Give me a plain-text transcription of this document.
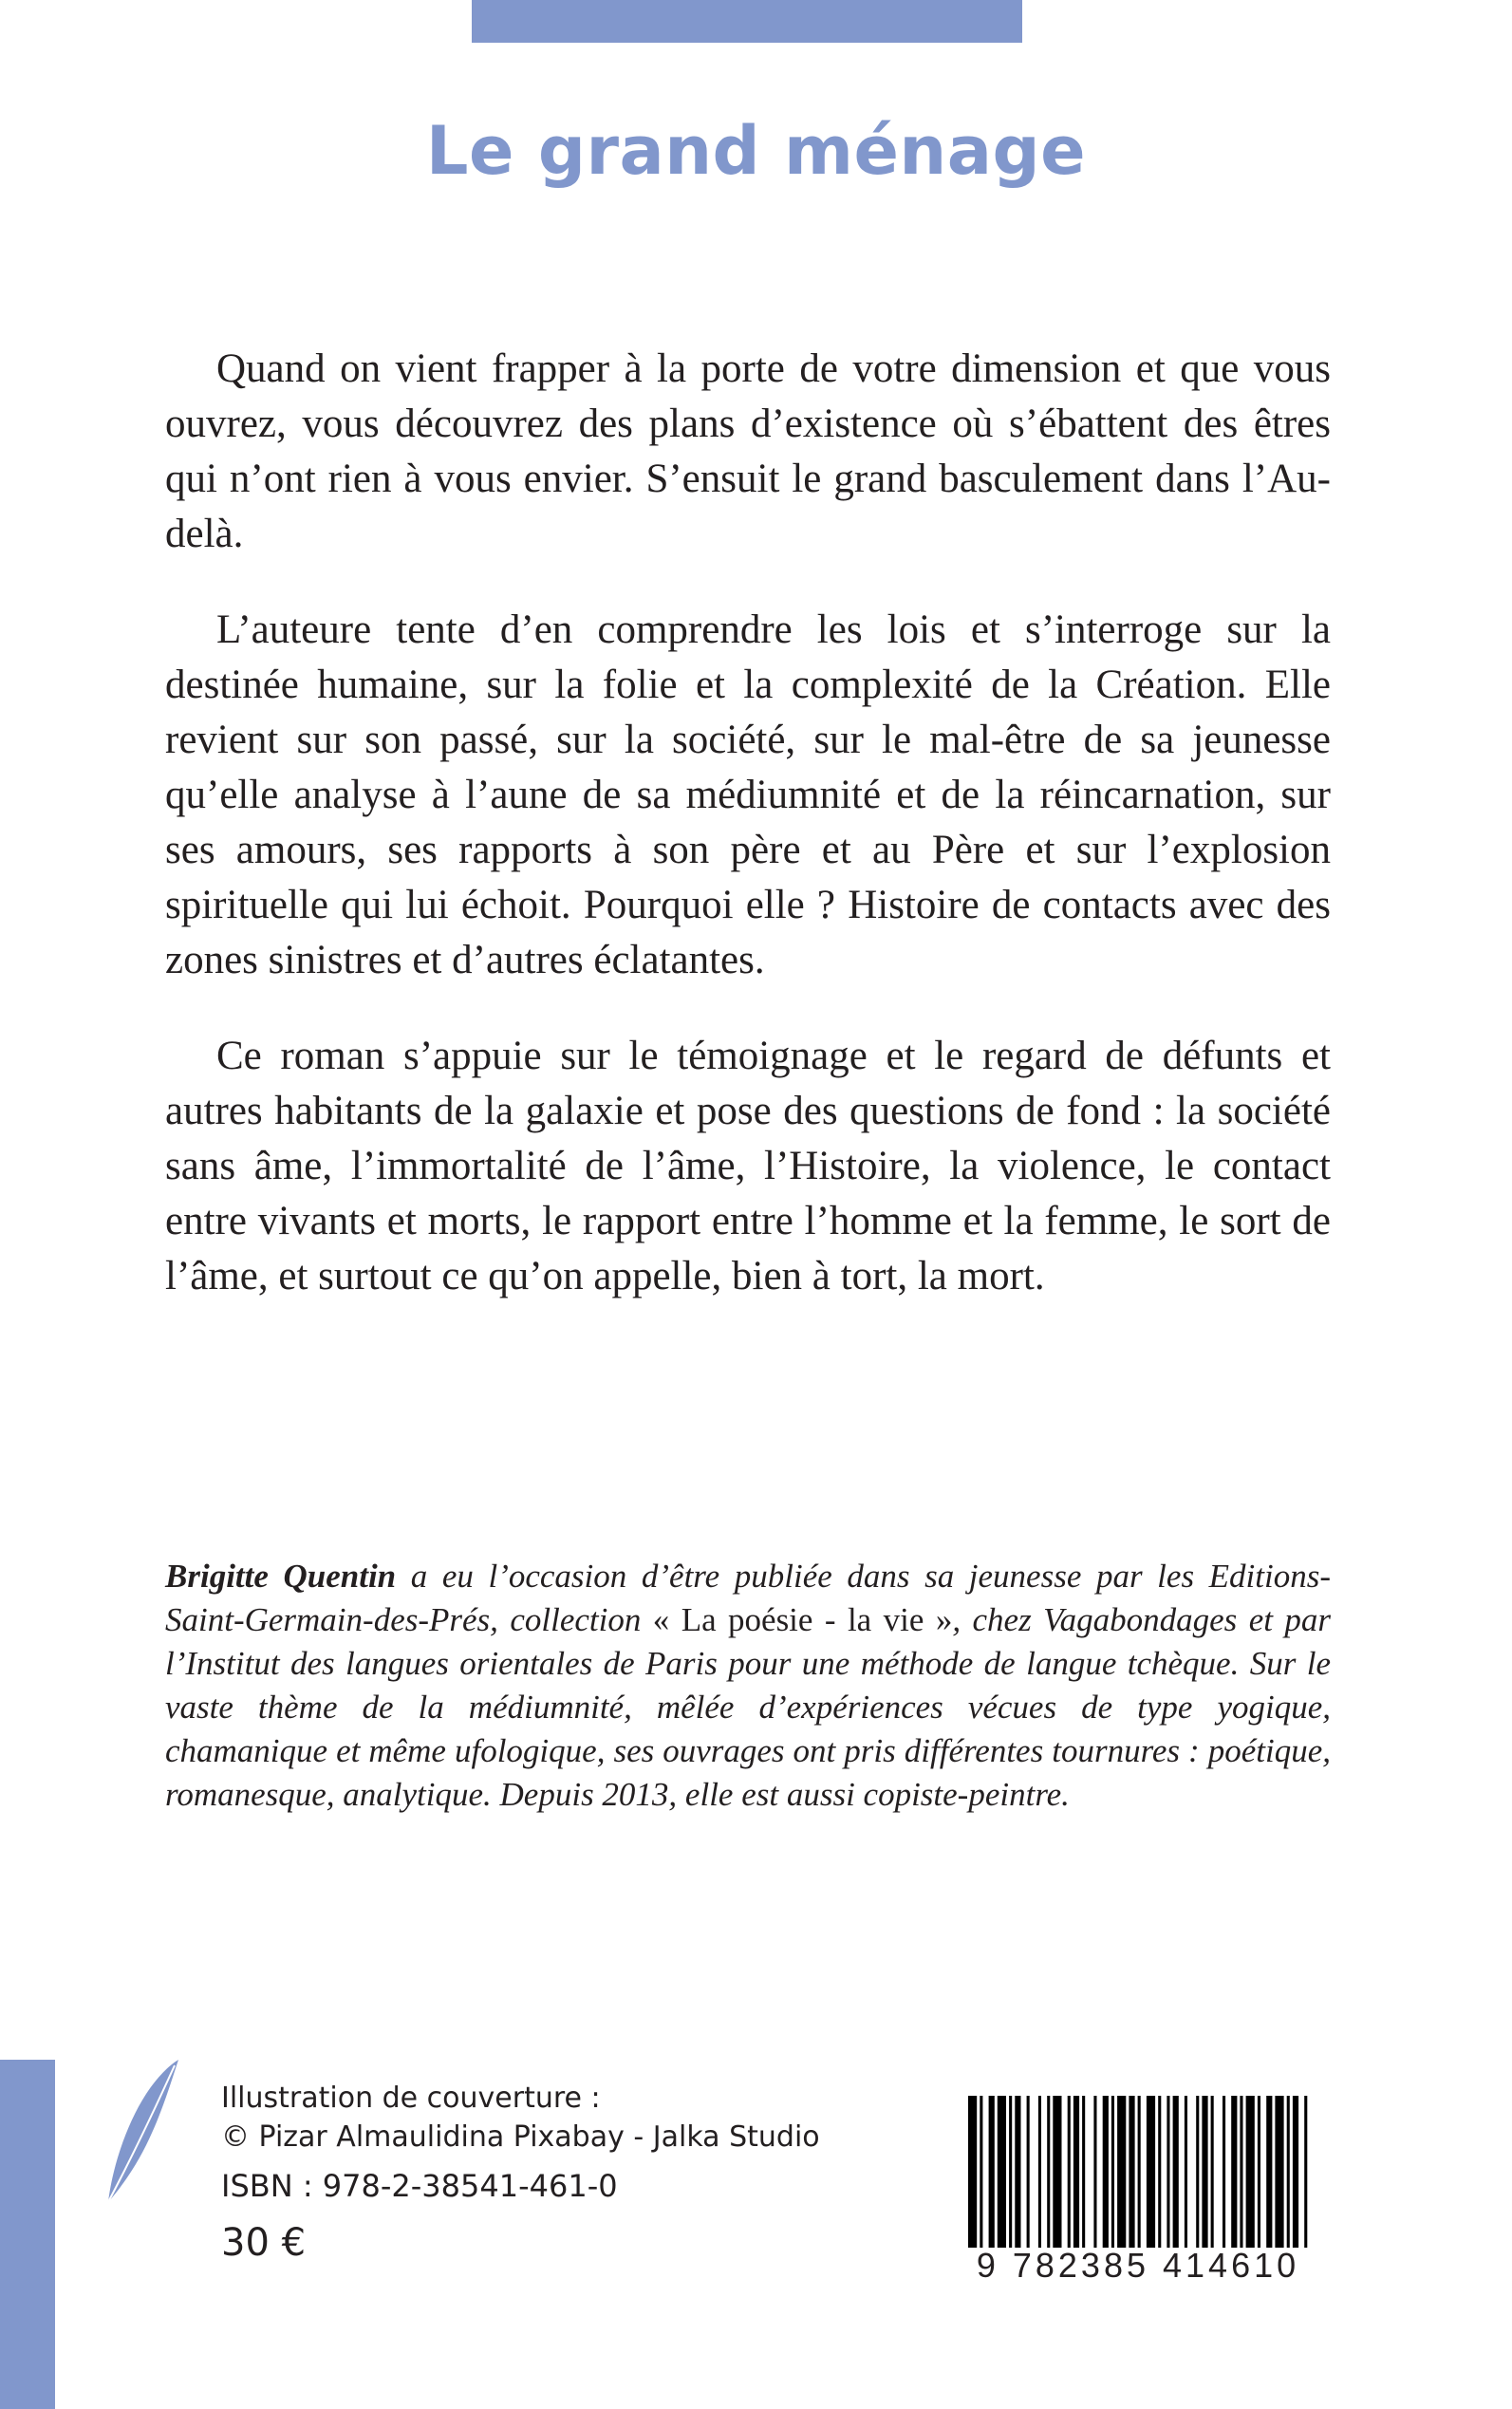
Le grand ménage

Quand on vient frapper à la porte de votre dimension et que vous ouvrez, vous découvrez des plans d’existence où s’ébattent des êtres qui n’ont rien à vous envier. S’ensuit le grand basculement dans l’Au-delà.

L’auteure tente d’en comprendre les lois et s’interroge sur la destinée humaine, sur la folie et la complexité de la Création. Elle revient sur son passé, sur la société, sur le mal-être de sa jeunesse qu’elle analyse à l’aune de sa médiumnité et de la réincarnation, sur ses amours, ses rapports à son père et au Père et sur l’explosion spirituelle qui lui échoit. Pourquoi elle ? Histoire de contacts avec des zones sinistres et d’autres éclatantes.

Ce roman s’appuie sur le témoignage et le regard de défunts et autres habitants de la galaxie et pose des questions de fond : la société sans âme, l’immortalité de l’âme, l’Histoire, la violence, le contact entre vivants et morts, le rapport entre l’homme et la femme, le sort de l’âme, et surtout ce qu’on appelle, bien à tort, la mort.

Brigitte Quentin a eu l’occasion d’être publiée dans sa jeunesse par les Editions-Saint-Germain-des-Prés, collection « La poésie - la vie », chez Vagabondages et par l’Institut des langues orientales de Paris pour une méthode de langue tchèque. Sur le vaste thème de la médiumnité, mêlée d’expériences vécues de type yogique, chamanique et même ufologique, ses ouvrages ont pris différentes tournures : poétique, romanesque, analytique. Depuis 2013, elle est aussi copiste-peintre.
Illustration de couverture :
© Pizar Almaulidina Pixabay - Jalka Studio
ISBN : 978-2-38541-461-0
30 €
9 782385 414610
